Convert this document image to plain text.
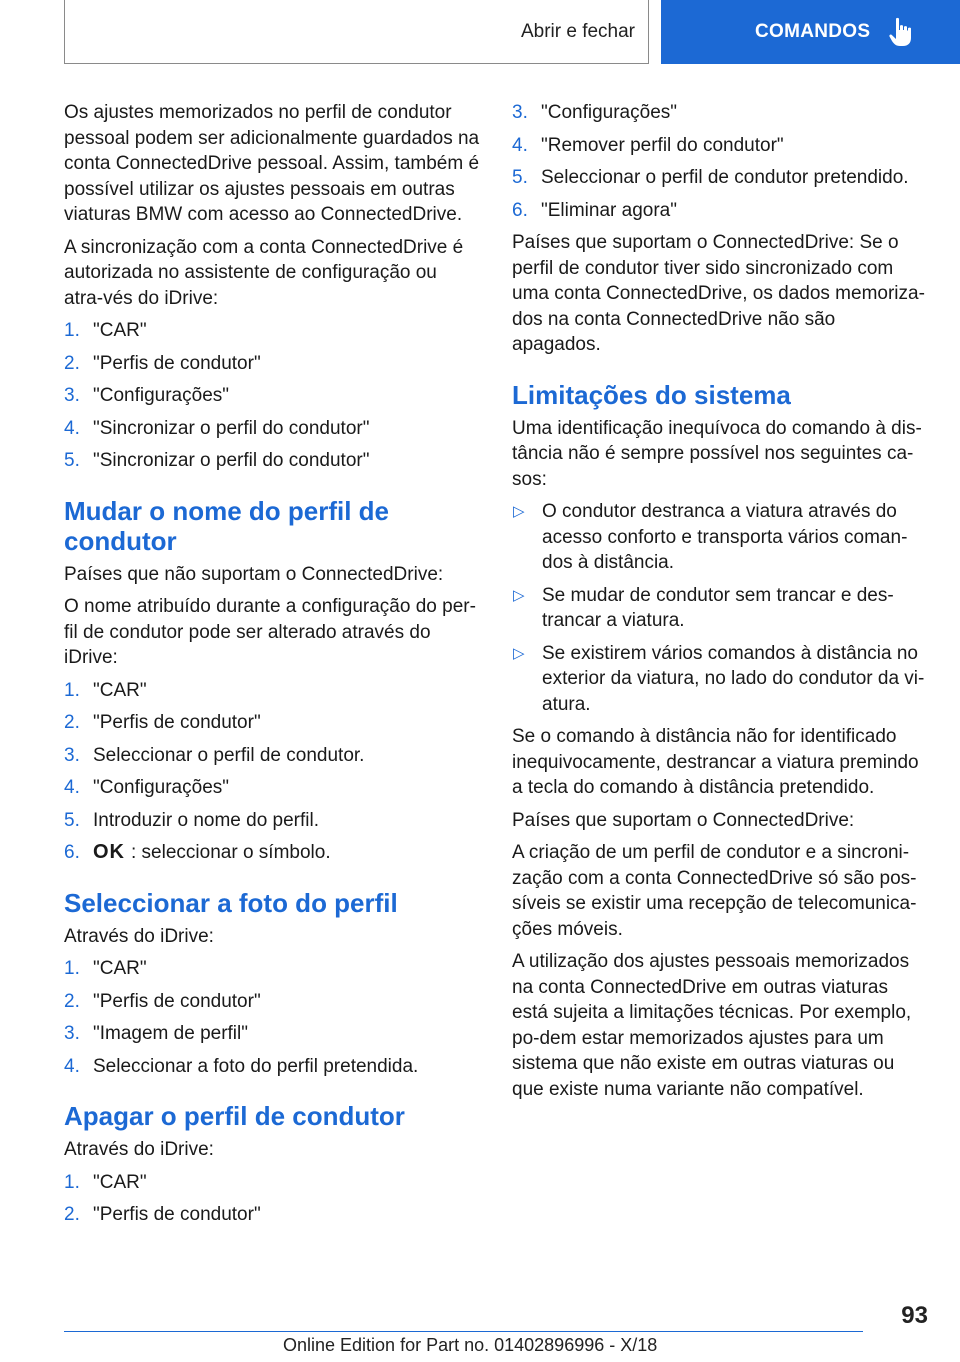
Abrir e fechar	COMANDOS

Os ajustes memorizados no perfil de condutor pessoal podem ser adicionalmente guardados na conta ConnectedDrive pessoal. Assim, também é possível utilizar os ajustes pessoais em outras viaturas BMW com acesso ao ConnectedDrive.

A sincronização com a conta ConnectedDrive é autorizada no assistente de configuração ou atra‐vés do iDrive:

1. "CAR"
2. "Perfis de condutor"
3. "Configurações"
4. "Sincronizar o perfil do condutor"
5. "Sincronizar o perfil do condutor"
Mudar o nome do perfil de condutor

Países que não suportam o ConnectedDrive:

O nome atribuído durante a configuração do per‐fil de condutor pode ser alterado através do iDrive:

1. "CAR"
2. "Perfis de condutor"
3. Seleccionar o perfil de condutor.
4. "Configurações"
5. Introduzir o nome do perfil.
6. OK : seleccionar o símbolo.
Seleccionar a foto do perfil

Através do iDrive:

1. "CAR"
2. "Perfis de condutor"
3. "Imagem de perfil"
4. Seleccionar a foto do perfil pretendida.
Apagar o perfil de condutor

Através do iDrive:

1. "CAR"
2. "Perfis de condutor"
3. "Configurações"
4. "Remover perfil do condutor"
5. Seleccionar o perfil de condutor pretendido.
6. "Eliminar agora"

Países que suportam o ConnectedDrive: Se o perfil de condutor tiver sido sincronizado com uma conta ConnectedDrive, os dados memoriza‐dos na conta ConnectedDrive não são apagados.

Limitações do sistema

Uma identificação inequívoca do comando à dis‐tância não é sempre possível nos seguintes ca‐sos:

▷ O condutor destranca a viatura através do acesso conforto e transporta vários coman‐dos à distância.
▷ Se mudar de condutor sem trancar e des‐trancar a viatura.
▷ Se existirem vários comandos à distância no exterior da viatura, no lado do condutor da vi‐atura.

Se o comando à distância não for identificado inequivocamente, destrancar a viatura premindo a tecla do comando à distância pretendido.

Países que suportam o ConnectedDrive:

A criação de um perfil de condutor e a sincroni‐zação com a conta ConnectedDrive só são pos‐síveis se existir uma recepção de telecomunica‐ções móveis.

A utilização dos ajustes pessoais memorizados na conta ConnectedDrive em outras viaturas está sujeita a limitações técnicas. Por exemplo, po‐dem estar memorizados ajustes para um sistema que não existe em outras viaturas ou que existe numa variante não compatível.

93
Online Edition for Part no. 01402896996 - X/18
